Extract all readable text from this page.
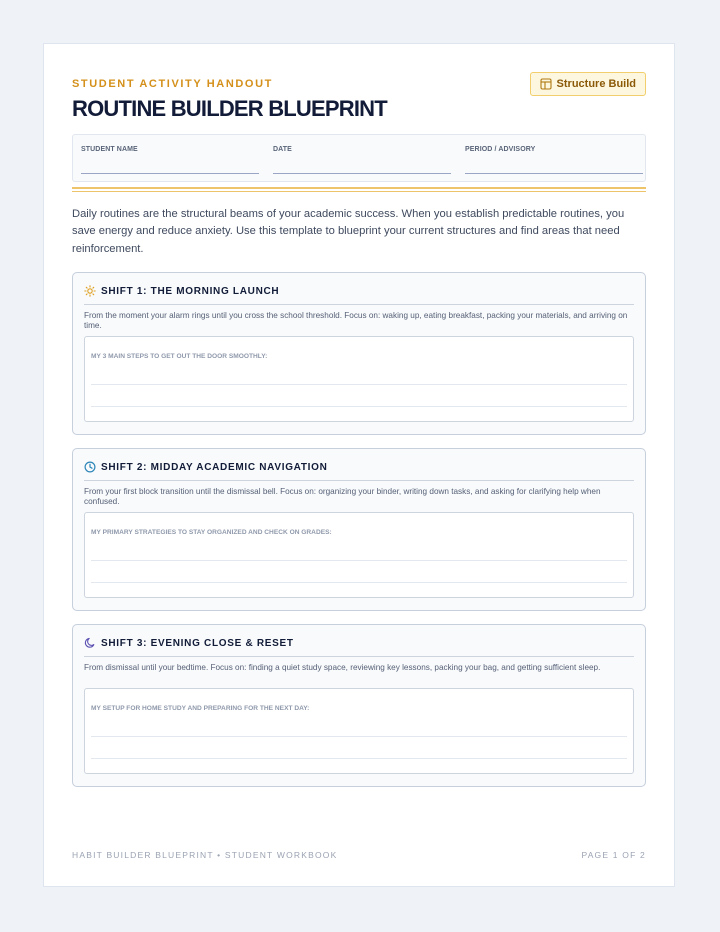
STUDENT ACTIVITY HANDOUT
ROUTINE BUILDER BLUEPRINT
Structure Build
STUDENT NAME	DATE	PERIOD / ADVISORY
Daily routines are the structural beams of your academic success. When you establish predictable routines, you save energy and reduce anxiety. Use this template to blueprint your current structures and find areas that need reinforcement.
SHIFT 1: THE MORNING LAUNCH
From the moment your alarm rings until you cross the school threshold. Focus on: waking up, eating breakfast, packing your materials, and arriving on time.
MY 3 MAIN STEPS TO GET OUT THE DOOR SMOOTHLY:
SHIFT 2: MIDDAY ACADEMIC NAVIGATION
From your first block transition until the dismissal bell. Focus on: organizing your binder, writing down tasks, and asking for clarifying help when confused.
MY PRIMARY STRATEGIES TO STAY ORGANIZED AND CHECK ON GRADES:
SHIFT 3: EVENING CLOSE & RESET
From dismissal until your bedtime. Focus on: finding a quiet study space, reviewing key lessons, packing your bag, and getting sufficient sleep.
MY SETUP FOR HOME STUDY AND PREPARING FOR THE NEXT DAY:
HABIT BUILDER BLUEPRINT • STUDENT WORKBOOK	PAGE 1 OF 2
